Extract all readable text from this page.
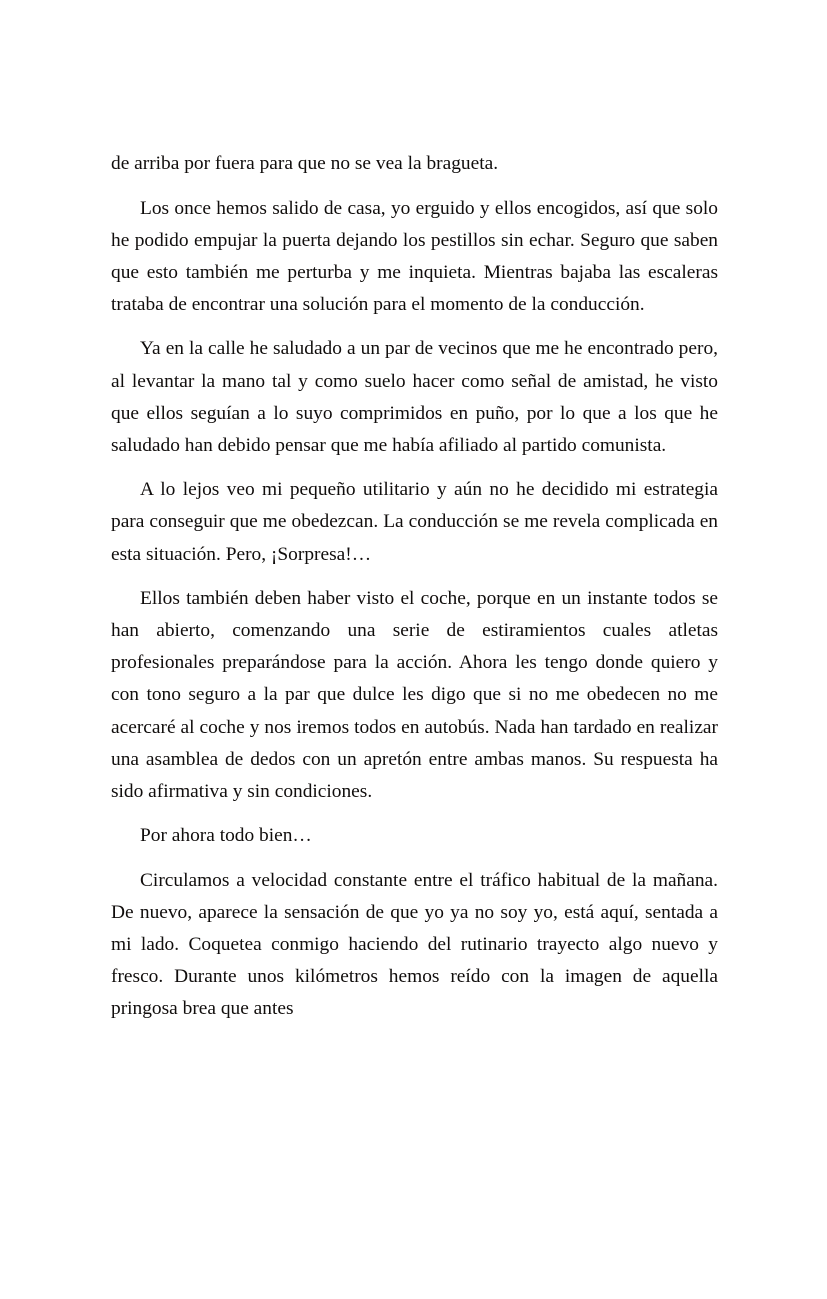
de arriba por fuera para que no se vea la bragueta.

Los once hemos salido de casa, yo erguido y ellos encogidos, así que solo he podido empujar la puerta dejando los pestillos sin echar. Seguro que saben que esto también me perturba y me inquieta. Mientras bajaba las escaleras trataba de encontrar una solución para el momento de la conducción.

Ya en la calle he saludado a un par de vecinos que me he encontrado pero, al levantar la mano tal y como suelo hacer como señal de amistad, he visto que ellos seguían a lo suyo comprimidos en puño, por lo que a los que he saludado han debido pensar que me había afiliado al partido comunista.

A lo lejos veo mi pequeño utilitario y aún no he decidido mi estrategia para conseguir que me obedezcan. La conducción se me revela complicada en esta situación. Pero, ¡Sorpresa!…

Ellos también deben haber visto el coche, porque en un instante todos se han abierto, comenzando una serie de estiramientos cuales atletas profesionales preparándose para la acción. Ahora les tengo donde quiero y con tono seguro a la par que dulce les digo que si no me obedecen no me acercaré al coche y nos iremos todos en autobús. Nada han tardado en realizar una asamblea de dedos con un apretón entre ambas manos. Su respuesta ha sido afirmativa y sin condiciones.

Por ahora todo bien…

Circulamos a velocidad constante entre el tráfico habitual de la mañana. De nuevo, aparece la sensación de que yo ya no soy yo, está aquí, sentada a mi lado. Coquetea conmigo haciendo del rutinario trayecto algo nuevo y fresco. Durante unos kilómetros hemos reído con la imagen de aquella pringosa brea que antes
